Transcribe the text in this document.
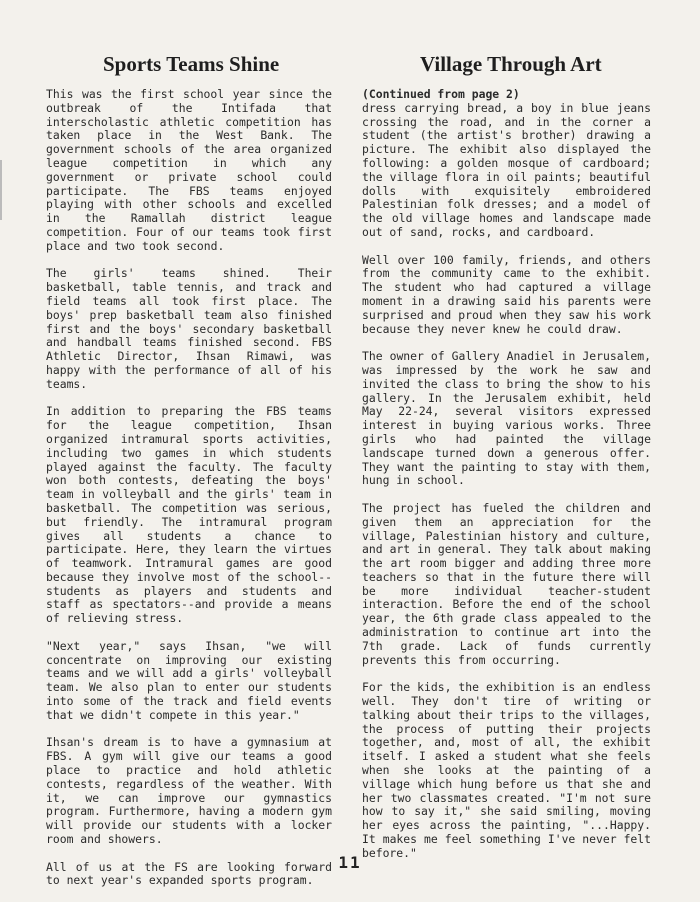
Sports Teams Shine

This was the first school year since the outbreak of the Intifada that interscholastic athletic competition has taken place in the West Bank. The government schools of the area organized league competition in which any government or private school could participate. The FBS teams enjoyed playing with other schools and excelled in the Ramallah district league competition. Four of our teams took first place and two took second.

The girls' teams shined. Their basketball, table tennis, and track and field teams all took first place. The boys' prep basketball team also finished first and the boys' secondary basketball and handball teams finished second. FBS Athletic Director, Ihsan Rimawi, was happy with the performance of all of his teams.

In addition to preparing the FBS teams for the league competition, Ihsan organized intramural sports activities, including two games in which students played against the faculty. The faculty won both contests, defeating the boys' team in volleyball and the girls' team in basketball. The competition was serious, but friendly. The intramural program gives all students a chance to participate. Here, they learn the virtues of teamwork. Intramural games are good because they involve most of the school--students as players and students and staff as spectators--and provide a means of relieving stress.

"Next year," says Ihsan, "we will concentrate on improving our existing teams and we will add a girls' volleyball team. We also plan to enter our students into some of the track and field events that we didn't compete in this year."

Ihsan's dream is to have a gymnasium at FBS. A gym will give our teams a good place to practice and hold athletic contests, regardless of the weather. With it, we can improve our gymnastics program. Furthermore, having a modern gym will provide our students with a locker room and showers.

All of us at the FS are looking forward to next year's expanded sports program.

Village Through Art
(Continued from page 2)

dress carrying bread, a boy in blue jeans crossing the road, and in the corner a student (the artist's brother) drawing a picture. The exhibit also displayed the following: a golden mosque of cardboard; the village flora in oil paints; beautiful dolls with exquisitely embroidered Palestinian folk dresses; and a model of the old village homes and landscape made out of sand, rocks, and cardboard.

Well over 100 family, friends, and others from the community came to the exhibit. The student who had captured a village moment in a drawing said his parents were surprised and proud when they saw his work because they never knew he could draw.

The owner of Gallery Anadiel in Jerusalem, was impressed by the work he saw and invited the class to bring the show to his gallery. In the Jerusalem exhibit, held May 22-24, several visitors expressed interest in buying various works. Three girls who had painted the village landscape turned down a generous offer. They want the painting to stay with them, hung in school.

The project has fueled the children and given them an appreciation for the village, Palestinian history and culture, and art in general. They talk about making the art room bigger and adding three more teachers so that in the future there will be more individual teacher-student interaction. Before the end of the school year, the 6th grade class appealed to the administration to continue art into the 7th grade. Lack of funds currently prevents this from occurring.

For the kids, the exhibition is an endless well. They don't tire of writing or talking about their trips to the villages, the process of putting their projects together, and, most of all, the exhibit itself. I asked a student what she feels when she looks at the painting of a village which hung before us that she and her two classmates created. "I'm not sure how to say it," she said smiling, moving her eyes across the painting, "...Happy. It makes me feel something I've never felt before."

11
